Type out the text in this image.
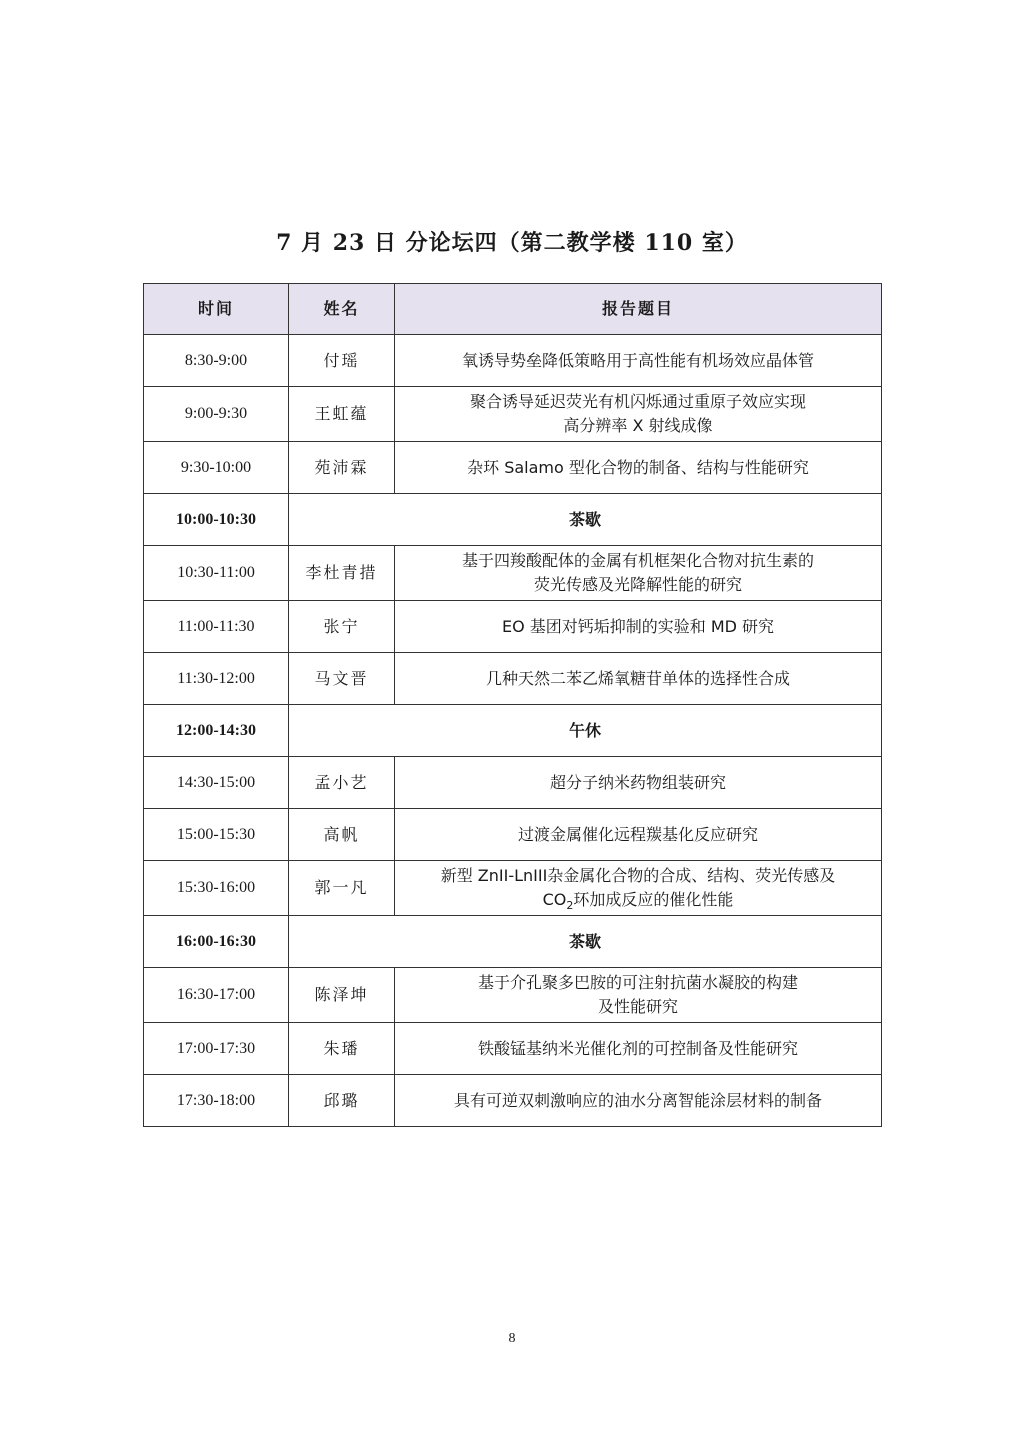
7 月 23 日 分论坛四（第二教学楼 110 室）
时间	姓名	报告题目
8:30-9:00	付瑶	氧诱导势垒降低策略用于高性能有机场效应晶体管
9:00-9:30	王虹蕴	聚合诱导延迟荧光有机闪烁通过重原子效应实现
高分辨率 X 射线成像
9:30-10:00	苑沛霖	杂环 Salamo 型化合物的制备、结构与性能研究
10:00-10:30	茶歇	
10:30-11:00	李杜青措	基于四羧酸配体的金属有机框架化合物对抗生素的
荧光传感及光降解性能的研究
11:00-11:30	张宁	EO 基团对钙垢抑制的实验和 MD 研究
11:30-12:00	马文晋	几种天然二苯乙烯氧糖苷单体的选择性合成
12:00-14:30	午休	
14:30-15:00	孟小艺	超分子纳米药物组装研究
15:00-15:30	高帆	过渡金属催化远程羰基化反应研究
15:30-16:00	郭一凡	新型 ZnII-LnIII杂金属化合物的合成、结构、荧光传感及
$CO_2$环加成反应的催化性能
16:00-16:30	茶歇	
16:30-17:00	陈泽坤	基于介孔聚多巴胺的可注射抗菌水凝胶的构建
及性能研究
17:00-17:30	朱璠	铁酸锰基纳米光催化剂的可控制备及性能研究
17:30-18:00	邱璐	具有可逆双刺激响应的油水分离智能涂层材料的制备
8
